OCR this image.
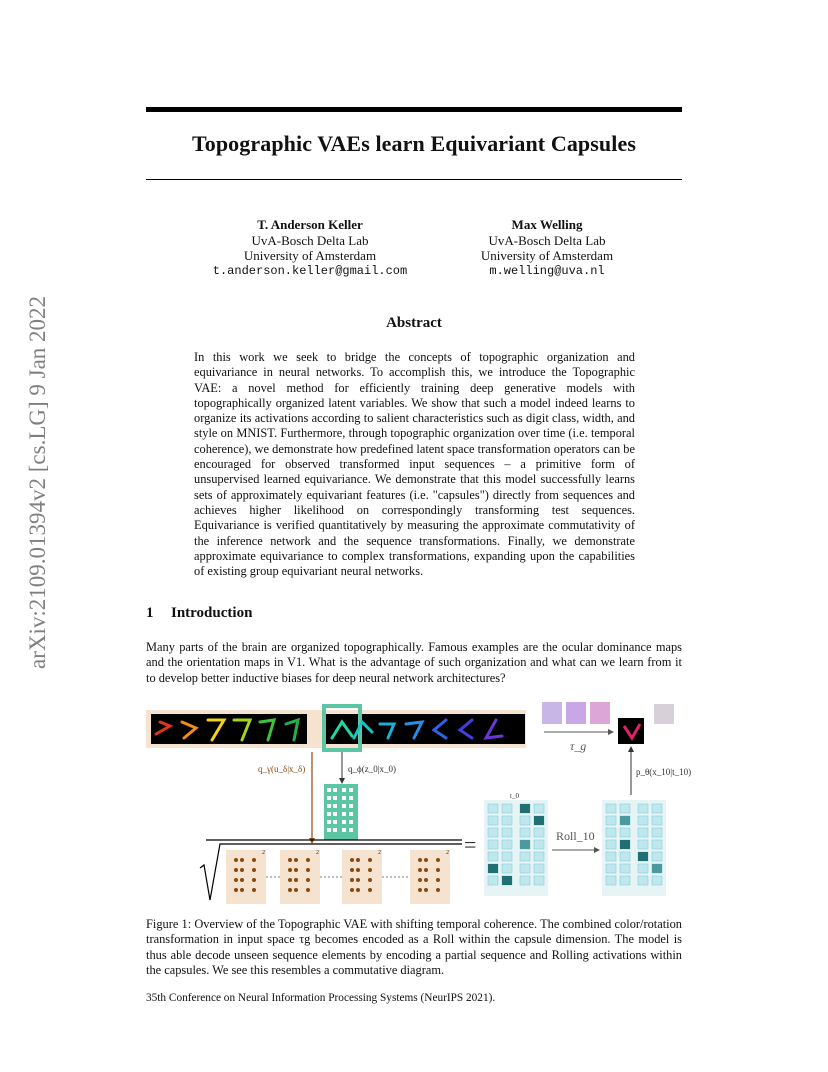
Topographic VAEs learn Equivariant Capsules
T. Anderson Keller
UvA-Bosch Delta Lab
University of Amsterdam
t.anderson.keller@gmail.com
Max Welling
UvA-Bosch Delta Lab
University of Amsterdam
m.welling@uva.nl
arXiv:2109.01394v2 [cs.LG] 9 Jan 2022	Abstract
In this work we seek to bridge the concepts of topographic organization and equivariance in neural networks. To accomplish this, we introduce the Topographic VAE: a novel method for efficiently training deep generative models with topographically organized latent variables. We show that such a model indeed learns to organize its activations according to salient characteristics such as digit class, width, and style on MNIST. Furthermore, through topographic organization over time (i.e. temporal coherence), we demonstrate how predefined latent space transformation operators can be encouraged for observed transformed input sequences – a primitive form of unsupervised learned equivariance. We demonstrate that this model successfully learns sets of approximately equivariant features (i.e. "capsules") directly from sequences and achieves higher likelihood on correspondingly transforming test sequences. Equivariance is verified quantitatively by measuring the approximate commutativity of the inference network and the sequence transformations. Finally, we demonstrate approximate equivariance to complex transformations, expanding upon the capabilities of existing group equivariant neural networks.
1 Introduction
Many parts of the brain are organized topographically. Famous examples are the ocular dominance maps and the orientation maps in V1. What is the advantage of such organization and what can we learn from it to develop better inductive biases for deep neural network architectures?
τ_g
q_γ(u_δ|x_δ)	q_ϕ(z_0|x_0)	p_θ(x_10|t_10)
2	2	2	2 =
t_0
Roll_10
Figure 1: Overview of the Topographic VAE with shifting temporal coherence. The combined color/rotation transformation in input space τg becomes encoded as a Roll within the capsule dimension. The model is thus able decode unseen sequence elements by encoding a partial sequence and Rolling activations within the capsules. We see this resembles a commutative diagram.
35th Conference on Neural Information Processing Systems (NeurIPS 2021).
